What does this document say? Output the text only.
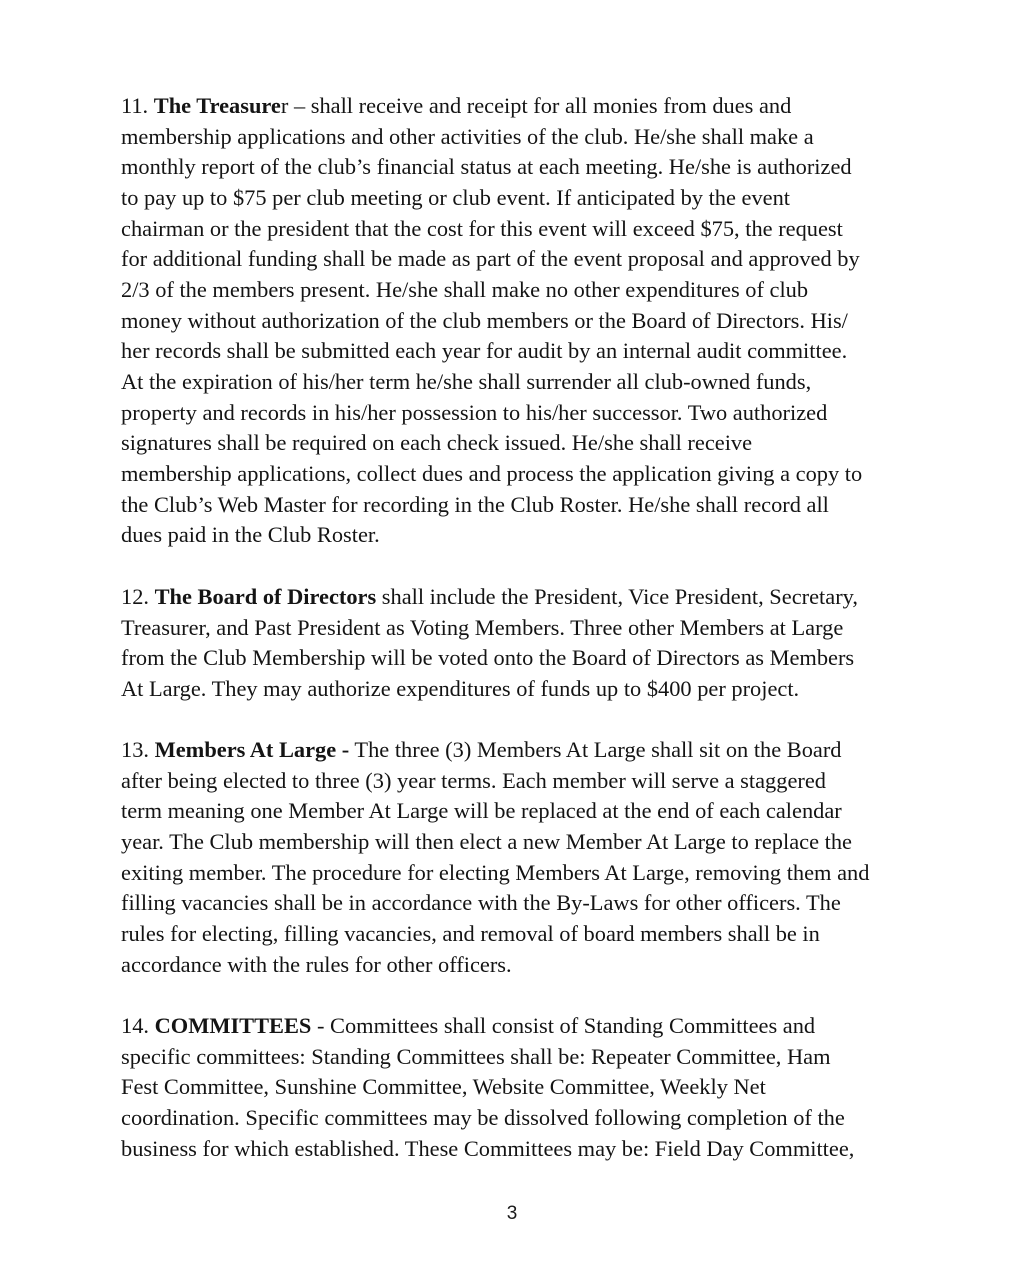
11. The Treasurer – shall receive and receipt for all monies from dues and
membership applications and other activities of the club. He/she shall make a
monthly report of the club’s financial status at each meeting. He/she is authorized
to pay up to $75 per club meeting or club event. If anticipated by the event
chairman or the president that the cost for this event will exceed $75, the request
for additional funding shall be made as part of the event proposal and approved by
2/3 of the members present. He/she shall make no other expenditures of club
money without authorization of the club members or the Board of Directors. His/
her records shall be submitted each year for audit by an internal audit committee.
At the expiration of his/her term he/she shall surrender all club-owned funds,
property and records in his/her possession to his/her successor. Two authorized
signatures shall be required on each check issued. He/she shall receive
membership applications, collect dues and process the application giving a copy to
the Club’s Web Master for recording in the Club Roster. He/she shall record all
dues paid in the Club Roster.
12. The Board of Directors shall include the President, Vice President, Secretary,
Treasurer, and Past President as Voting Members. Three other Members at Large
from the Club Membership will be voted onto the Board of Directors as Members
At Large. They may authorize expenditures of funds up to $400 per project.
13. Members At Large - The three (3) Members At Large shall sit on the Board
after being elected to three (3) year terms. Each member will serve a staggered
term meaning one Member At Large will be replaced at the end of each calendar
year. The Club membership will then elect a new Member At Large to replace the
exiting member. The procedure for electing Members At Large, removing them and
filling vacancies shall be in accordance with the By-Laws for other officers. The
rules for electing, filling vacancies, and removal of board members shall be in
accordance with the rules for other officers.
14. COMMITTEES - Committees shall consist of Standing Committees and
specific committees: Standing Committees shall be: Repeater Committee, Ham
Fest Committee, Sunshine Committee, Website Committee, Weekly Net
coordination. Specific committees may be dissolved following completion of the
business for which established. These Committees may be: Field Day Committee,
3
